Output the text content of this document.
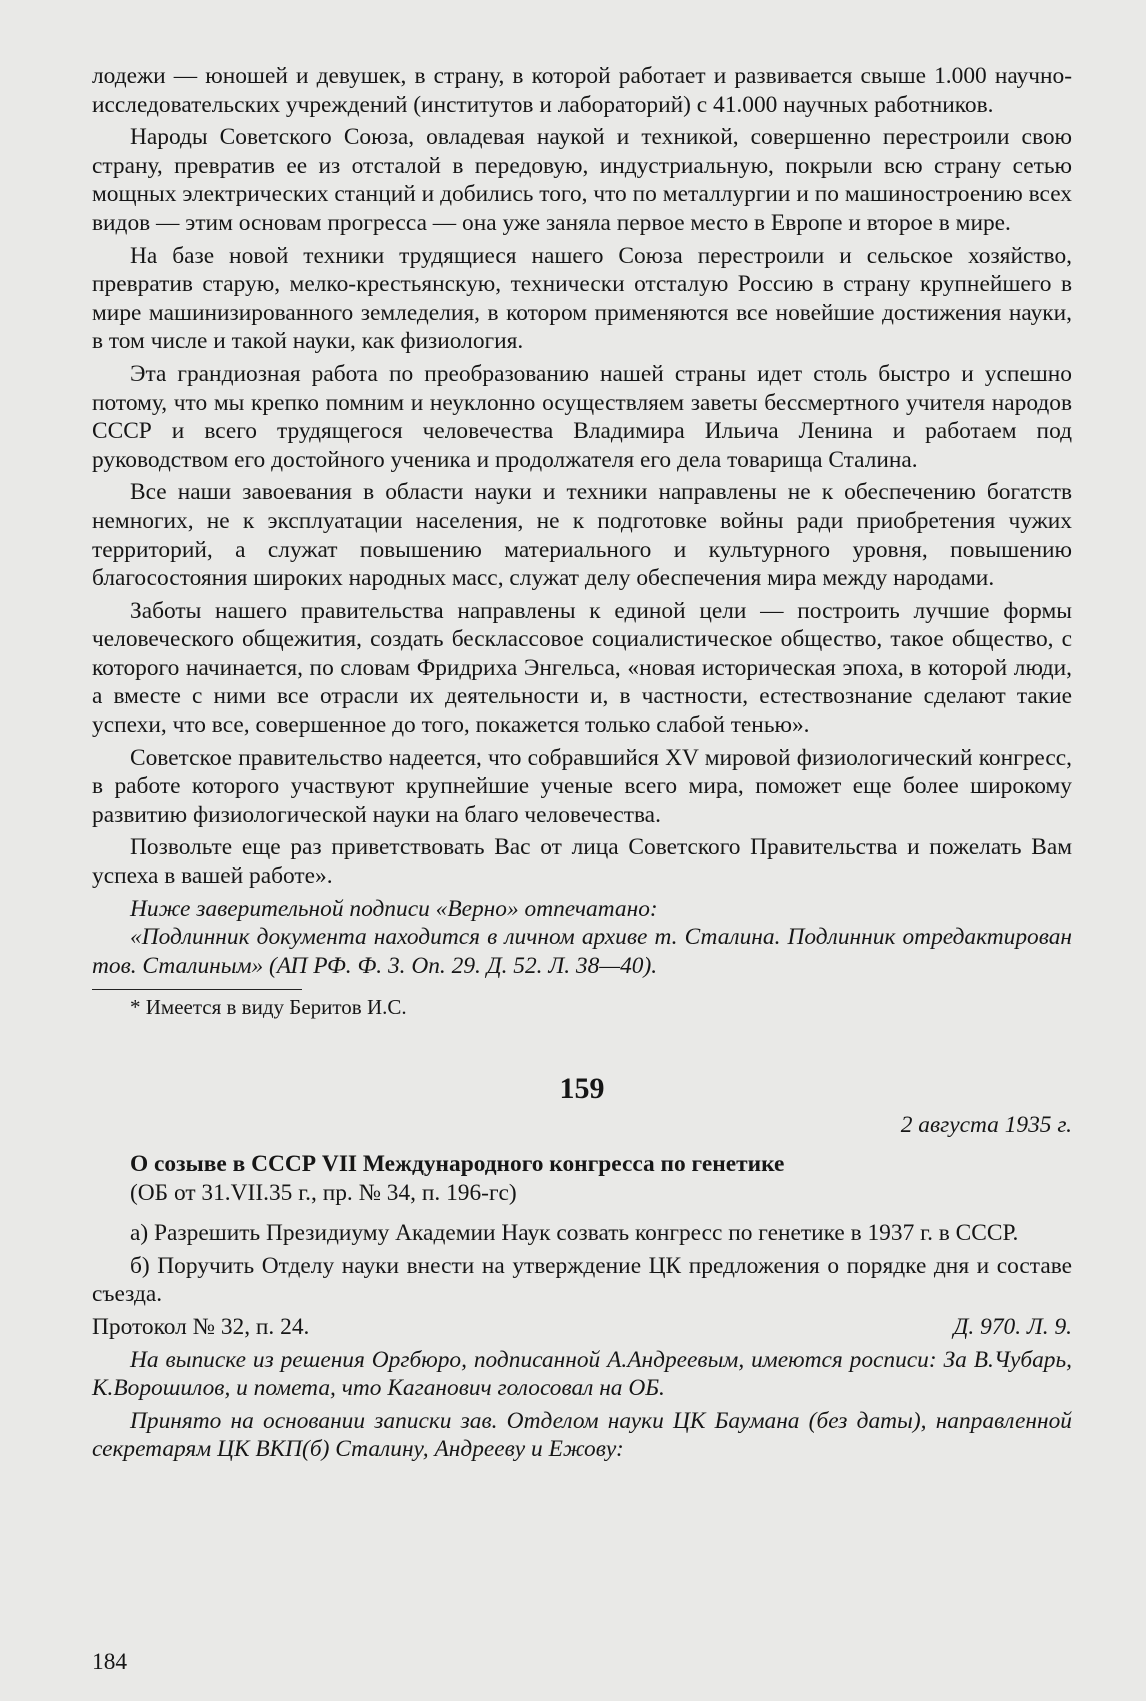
лодежи — юношей и девушек, в страну, в которой работает и развивается свыше 1.000 научно-исследовательских учреждений (институтов и лабораторий) с 41.000 научных работников.

Народы Советского Союза, овладевая наукой и техникой, совершенно перестроили свою страну, превратив ее из отсталой в передовую, индустриальную, покрыли всю страну сетью мощных электрических станций и добились того, что по металлургии и по машиностроению всех видов — этим основам прогресса — она уже заняла первое место в Европе и второе в мире.

На базе новой техники трудящиеся нашего Союза перестроили и сельское хозяйство, превратив старую, мелко-крестьянскую, технически отсталую Россию в страну крупнейшего в мире машинизированного земледелия, в котором применяются все новейшие достижения науки, в том числе и такой науки, как физиология.

Эта грандиозная работа по преобразованию нашей страны идет столь быстро и успешно потому, что мы крепко помним и неуклонно осуществляем заветы бессмертного учителя народов СССР и всего трудящегося человечества Владимира Ильича Ленина и работаем под руководством его достойного ученика и продолжателя его дела товарища Сталина.

Все наши завоевания в области науки и техники направлены не к обеспечению богатств немногих, не к эксплуатации населения, не к подготовке войны ради приобретения чужих территорий, а служат повышению материального и культурного уровня, повышению благосостояния широких народных масс, служат делу обеспечения мира между народами.

Заботы нашего правительства направлены к единой цели — построить лучшие формы человеческого общежития, создать бесклассовое социалистическое общество, такое общество, с которого начинается, по словам Фридриха Энгельса, «новая историческая эпоха, в которой люди, а вместе с ними все отрасли их деятельности и, в частности, естествознание сделают такие успехи, что все, совершенное до того, покажется только слабой тенью».

Советское правительство надеется, что собравшийся XV мировой физиологический конгресс, в работе которого участвуют крупнейшие ученые всего мира, поможет еще более широкому развитию физиологической науки на благо человечества.

Позвольте еще раз приветствовать Вас от лица Советского Правительства и пожелать Вам успеха в вашей работе».

Ниже заверительной подписи «Верно» отпечатано:

«Подлинник документа находится в личном архиве т. Сталина. Подлинник отредактирован тов. Сталиным» (АП РФ. Ф. 3. Оп. 29. Д. 52. Л. 38—40).

* Имеется в виду Беритов И.С.

159

2 августа 1935 г.

О созыве в СССР VII Международного конгресса по генетике

(ОБ от 31.VII.35 г., пр. № 34, п. 196-гс)

а) Разрешить Президиуму Академии Наук созвать конгресс по генетике в 1937 г. в СССР.

б) Поручить Отделу науки внести на утверждение ЦК предложения о порядке дня и составе съезда.

Протокол № 32, п. 24.	Д. 970. Л. 9.

На выписке из решения Оргбюро, подписанной А.Андреевым, имеются росписи: За В.Чубарь, К.Ворошилов, и помета, что Каганович голосовал на ОБ.

Принято на основании записки зав. Отделом науки ЦК Баумана (без даты), направленной секретарям ЦК ВКП(б) Сталину, Андрееву и Ежову:

184
